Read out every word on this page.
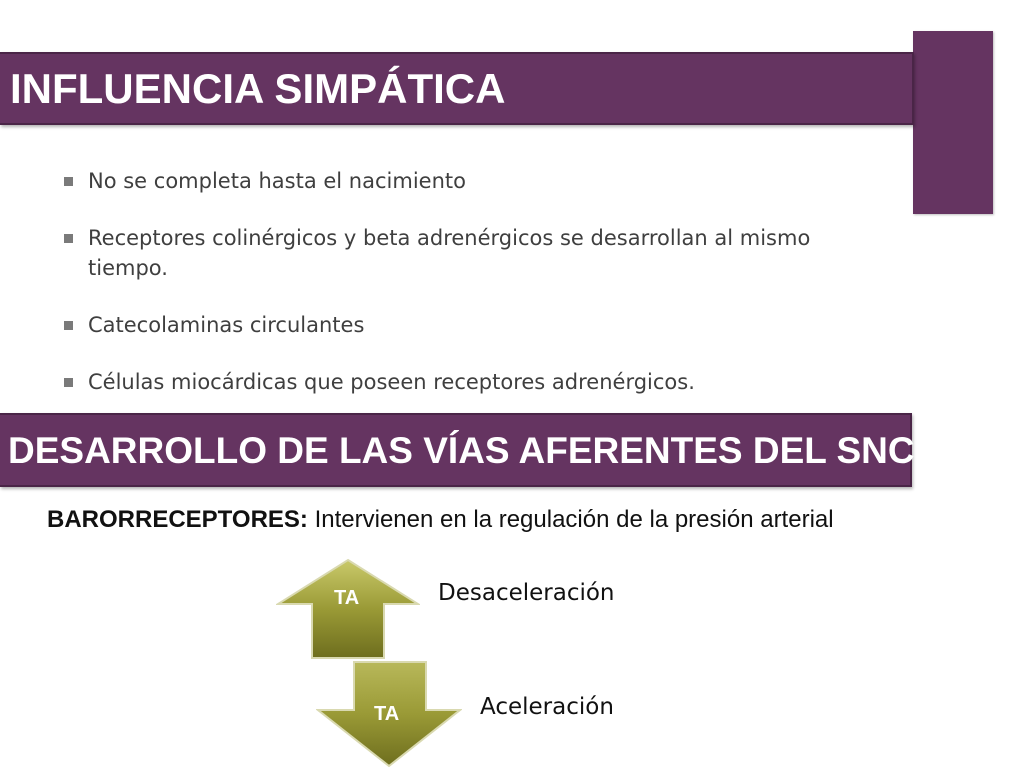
INFLUENCIA SIMPÁTICA
No se completa hasta el nacimiento
Receptores colinérgicos y beta adrenérgicos se desarrollan al mismo tiempo.
Catecolaminas circulantes
Células miocárdicas que poseen receptores adrenérgicos.
DESARROLLO DE LAS VÍAS AFERENTES DEL SNC
BARORRECEPTORES: Intervienen en la regulación de la presión arterial
TA	Desaceleración
TA	Aceleración
